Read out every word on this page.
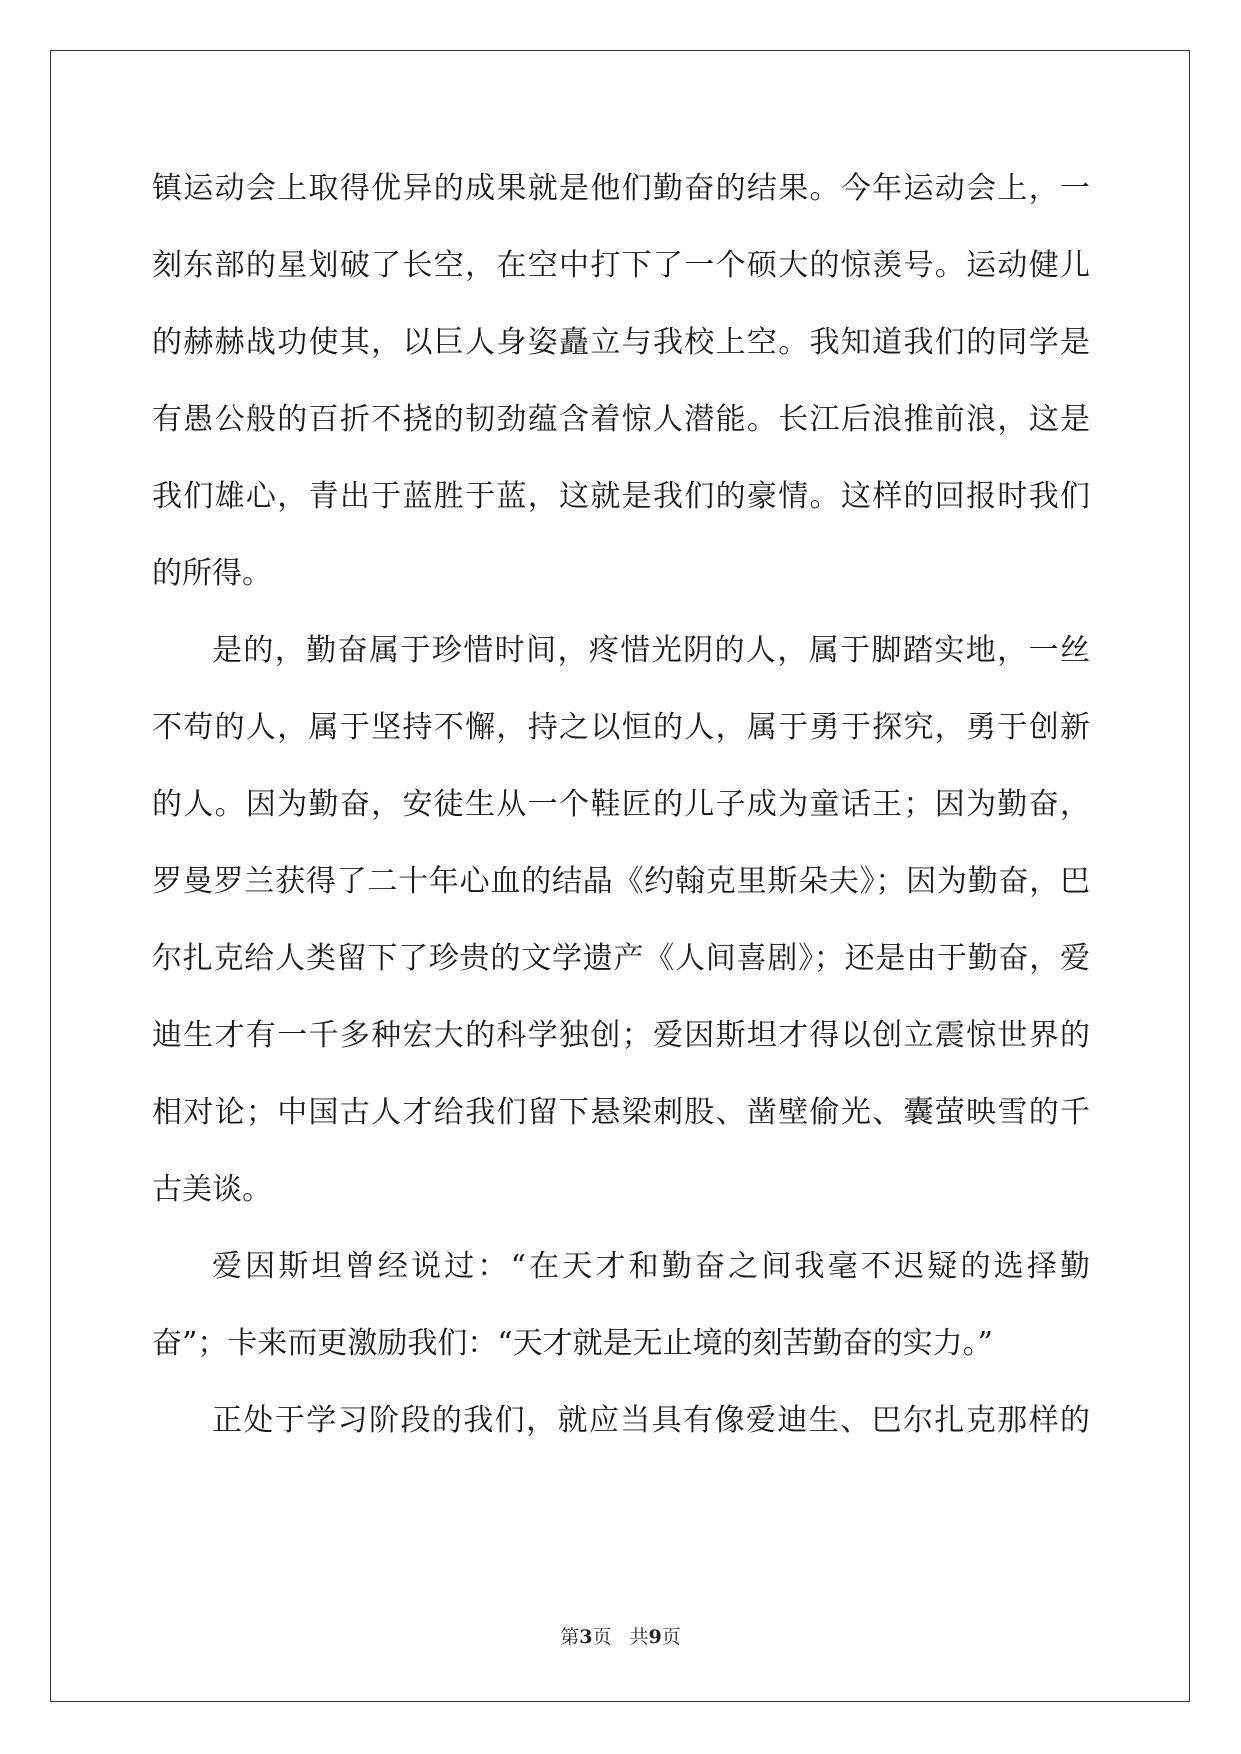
镇运动会上取得优异的成果就是他们勤奋的结果。今年运动会上，一
刻东部的星划破了长空，在空中打下了一个硕大的惊羡号。运动健儿
的赫赫战功使其，以巨人身姿矗立与我校上空。我知道我们的同学是
有愚公般的百折不挠的韧劲蕴含着惊人潜能。长江后浪推前浪，这是
我们雄心，青出于蓝胜于蓝，这就是我们的豪情。这样的回报时我们
的所得。
是的，勤奋属于珍惜时间，疼惜光阴的人，属于脚踏实地，一丝
不苟的人，属于坚持不懈，持之以恒的人，属于勇于探究，勇于创新
的人。因为勤奋，安徒生从一个鞋匠的儿子成为童话王；因为勤奋，
罗曼罗兰获得了二十年心血的结晶《约翰克里斯朵夫》；因为勤奋，巴
尔扎克给人类留下了珍贵的文学遗产《人间喜剧》；还是由于勤奋，爱
迪生才有一千多种宏大的科学独创；爱因斯坦才得以创立震惊世界的
相对论；中国古人才给我们留下悬梁刺股、凿壁偷光、囊萤映雪的千
古美谈。
爱因斯坦曾经说过：“在天才和勤奋之间我毫不迟疑的选择勤
奋”；卡来而更激励我们：“天才就是无止境的刻苦勤奋的实力。”
正处于学习阶段的我们，就应当具有像爱迪生、巴尔扎克那样的
第3页 共9页
